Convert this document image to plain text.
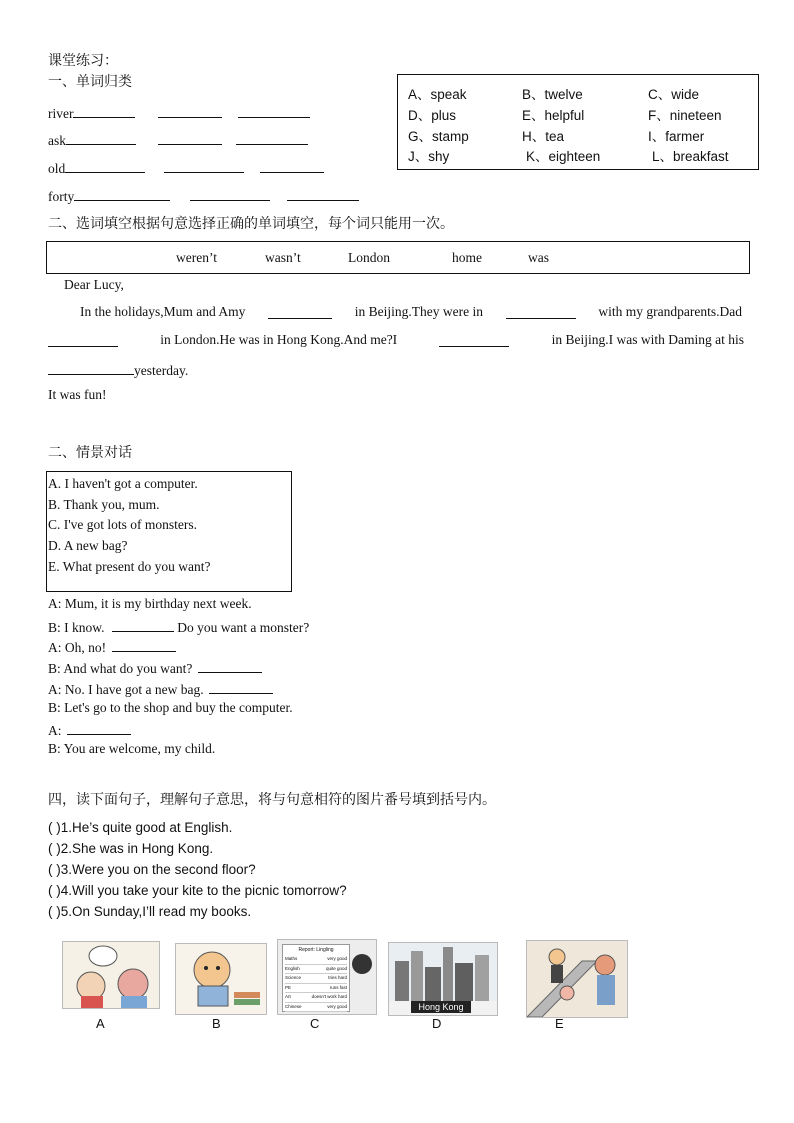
课堂练习：
一、单词归类
river
ask
old
forty
A、speak	B、twelve	C、wide
D、plus	E、helpful	F、nineteen
G、stamp	H、tea	I、farmer
J、shy	K、eighteen	L、breakfast
二、选词填空根据句意选择正确的单词填空，每个词只能用一次。
weren’t	wasn’t	London	home	was
Dear Lucy,
In the holidays,Mum and Amy	in Beijing.They were in	with my grandparents.Dad
in London.He was in Hong Kong.And me?I	in Beijing.I was with Daming at his
yesterday.
It was fun!
二、情景对话
A. I haven't got a computer.
B. Thank you, mum.
C. I've got lots of monsters.
D. A new bag?
E. What present do you want?
A: Mum, it is my birthday next week.
B: I know.	Do you want a monster?
A: Oh, no!
B: And what do you want?
A: No. I have got a new bag.
B: Let's go to the shop and buy the computer.
A:
B: You are welcome, my child.
四，读下面句子，理解句子意思，将与句意相符的图片番号填到括号内。
( )1.He’s quite good at English.
( )2.She was in Hong Kong.
( )3.Were you on the second floor?
( )4.Will you take your kite to the picnic tomorrow?
( )5.On Sunday,I’ll read my books.
A	B
Report: Lingling
Maths	very good
English	quite good
Science	tries hard
PE	runs fast
Art	doesn't work hard
Chinese	very good
C
Hong Kong
D	E
